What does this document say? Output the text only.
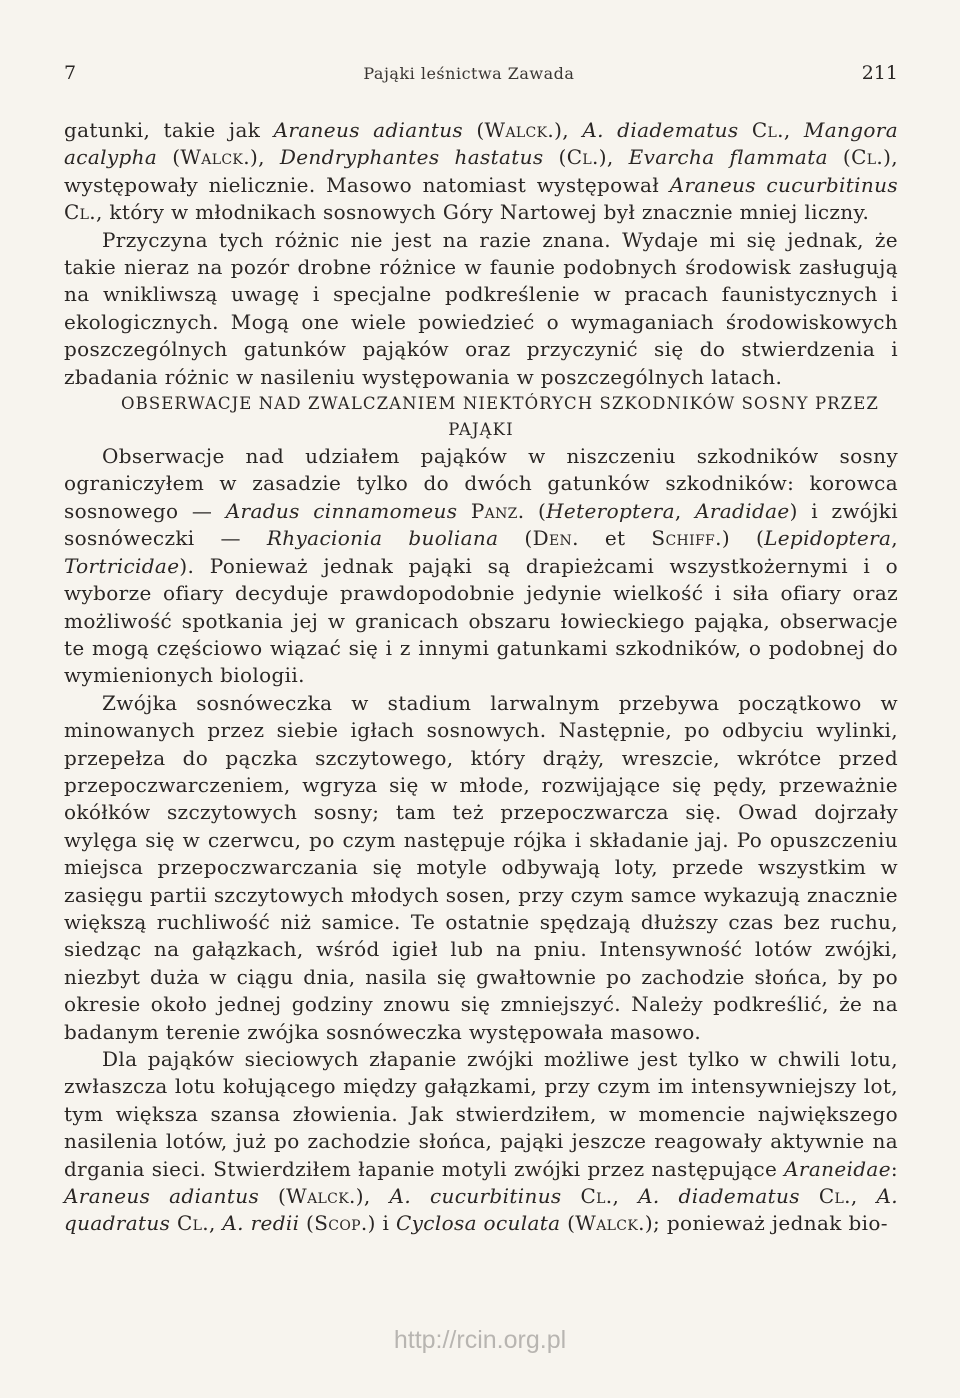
7	Pająki leśnictwa Zawada	211

gatunki, takie jak Araneus adiantus (Walck.), A. diadematus Cl., Mangora acalypha (Walck.), Dendryphantes hastatus (Cl.), Evarcha flammata (Cl.), występowały nielicznie. Masowo natomiast występował Araneus cucurbitinus Cl., który w młodnikach sosnowych Góry Nartowej był znacznie mniej liczny.

Przyczyna tych różnic nie jest na razie znana. Wydaje mi się jednak, że takie nieraz na pozór drobne różnice w faunie podobnych środowisk zasługują na wnikliwszą uwagę i specjalne podkreślenie w pracach faunistycznych i ekologicznych. Mogą one wiele powiedzieć o wymaganiach środowiskowych poszczególnych gatunków pająków oraz przyczynić się do stwierdzenia i zbadania różnic w nasileniu występowania w poszczególnych latach.

OBSERWACJE NAD ZWALCZANIEM NIEKTÓRYCH SZKODNIKÓW SOSNY PRZEZ PAJĄKI

Obserwacje nad udziałem pająków w niszczeniu szkodników sosny ograniczyłem w zasadzie tylko do dwóch gatunków szkodników: korowca sosnowego — Aradus cinnamomeus Panz. (Heteroptera, Aradidae) i zwójki sosnóweczki — Rhyacionia buoliana (Den. et Schiff.) (Lepidoptera, Tortricidae). Ponieważ jednak pająki są drapieżcami wszystkożernymi i o wyborze ofiary decyduje prawdopodobnie jedynie wielkość i siła ofiary oraz możliwość spotkania jej w granicach obszaru łowieckiego pająka, obserwacje te mogą częściowo wiązać się i z innymi gatunkami szkodników, o podobnej do wymienionych biologii.

Zwójka sosnóweczka w stadium larwalnym przebywa początkowo w minowanych przez siebie igłach sosnowych. Następnie, po odbyciu wylinki, przepełza do pączka szczytowego, który drąży, wreszcie, wkrótce przed przepoczwarczeniem, wgryza się w młode, rozwijające się pędy, przeważnie okółków szczytowych sosny; tam też przepoczwarcza się. Owad dojrzały wylęga się w czerwcu, po czym następuje rójka i składanie jaj. Po opuszczeniu miejsca przepoczwarczania się motyle odbywają loty, przede wszystkim w zasięgu partii szczytowych młodych sosen, przy czym samce wykazują znacznie większą ruchliwość niż samice. Te ostatnie spędzają dłuższy czas bez ruchu, siedząc na gałązkach, wśród igieł lub na pniu. Intensywność lotów zwójki, niezbyt duża w ciągu dnia, nasila się gwałtownie po zachodzie słońca, by po okresie około jednej godziny znowu się zmniejszyć. Należy podkreślić, że na badanym terenie zwójka sosnóweczka występowała masowo.

Dla pająków sieciowych złapanie zwójki możliwe jest tylko w chwili lotu, zwłaszcza lotu kołującego między gałązkami, przy czym im intensywniejszy lot, tym większa szansa złowienia. Jak stwierdziłem, w momencie największego nasilenia lotów, już po zachodzie słońca, pająki jeszcze reagowały aktywnie na drgania sieci. Stwierdziłem łapanie motyli zwójki przez następujące Araneidae: Araneus adiantus (Walck.), A. cucurbitinus Cl., A. diadematus Cl., A. quadratus Cl., A. redii (Scop.) i Cyclosa oculata (Walck.); ponieważ jednak bio-

http://rcin.org.pl
